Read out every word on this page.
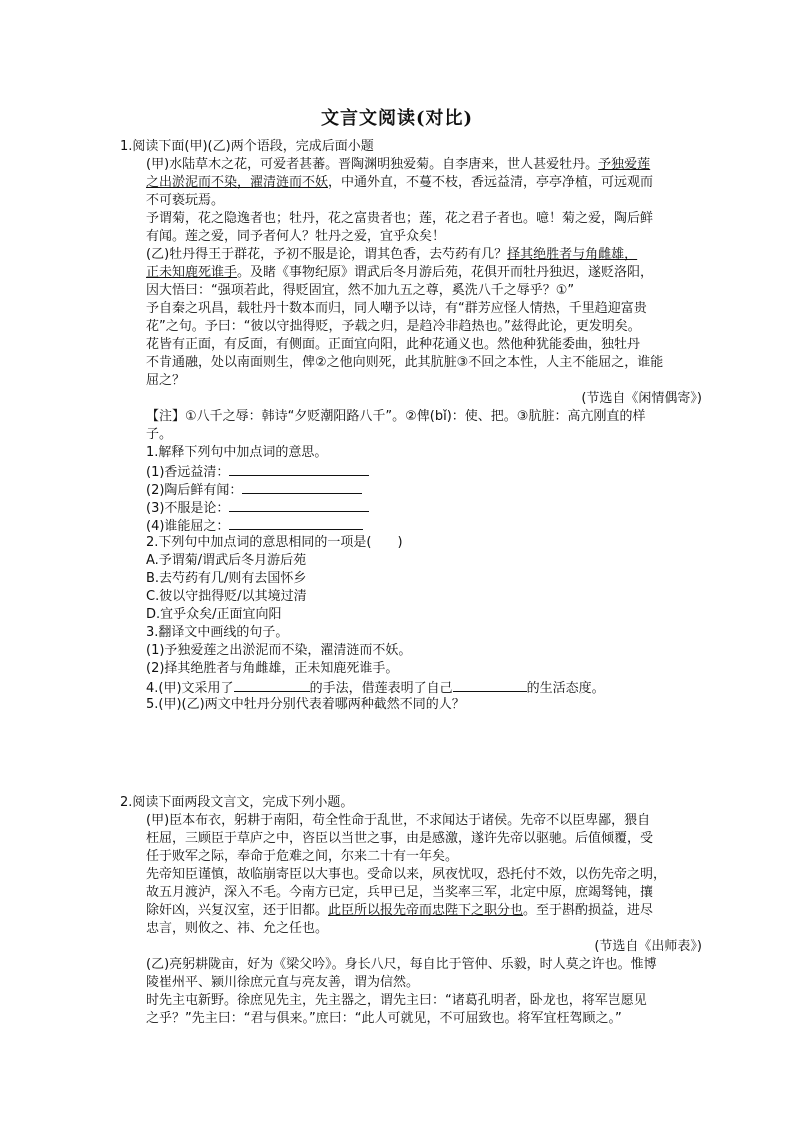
文言文阅读(对比)
1.阅读下面(甲)(乙)两个语段，完成后面小题
(甲)水陆草木之花，可爱者甚蕃。晋陶渊明独爱菊。自李唐来，世人甚爱牡丹。予独爱莲
之出淤泥而不染，濯清涟而不妖，中通外直，不蔓不枝，香远益清，亭亭净植，可远观而
不可亵玩焉。
予谓菊，花之隐逸者也；牡丹，花之富贵者也；莲，花之君子者也。噫！菊之爱，陶后鲜
有闻。莲之爱，同予者何人？牡丹之爱，宜乎众矣！
(乙)牡丹得王于群花，予初不服是论，谓其色香，去芍药有几？择其绝胜者与角雌雄，
正未知鹿死谁手。及睹《事物纪原》谓武后冬月游后苑，花俱开而牡丹独迟，遂贬洛阳，
因大悟曰：“强项若此，得贬固宜，然不加九五之尊，奚洗八千之辱乎？①”
予自秦之巩昌，载牡丹十数本而归，同人嘲予以诗，有“群芳应怪人情热，千里趋迎富贵
花”之句。予曰：“彼以守拙得贬，予载之归，是趋冷非趋热也。”兹得此论，更发明矣。
花皆有正面，有反面，有侧面。正面宜向阳，此种花通义也。然他种犹能委曲，独牡丹
不肯通融，处以南面则生，俾②之他向则死，此其肮脏③不回之本性，人主不能屈之，谁能
屈之？
(节选自《闲情偶寄》)
【注】①八千之辱：韩诗“夕贬潮阳路八千”。②俾(bǐ)：使、把。③肮脏：高亢刚直的样
子。
1.解释下列句中加点词的意思。
(1)香远益清：
(2)陶后鲜有闻：
(3)不服是论：
(4)谁能屈之：
2.下列句中加点词的意思相同的一项是(　　)
A.予谓菊/谓武后冬月游后苑
B.去芍药有几/则有去国怀乡
C.彼以守拙得贬/以其境过清
D.宜乎众矣/正面宜向阳
3.翻译文中画线的句子。
(1)予独爱莲之出淤泥而不染，濯清涟而不妖。
(2)择其绝胜者与角雌雄，正未知鹿死谁手。
4.(甲)文采用了	的手法，借莲表明了自己	的生活态度。
5.(甲)(乙)两文中牡丹分别代表着哪两种截然不同的人？
2.阅读下面两段文言文，完成下列小题。
(甲)臣本布衣，躬耕于南阳，苟全性命于乱世，不求闻达于诸侯。先帝不以臣卑鄙，猥自
枉屈，三顾臣于草庐之中，咨臣以当世之事，由是感激，遂许先帝以驱驰。后值倾覆，受
任于败军之际，奉命于危难之间，尔来二十有一年矣。
先帝知臣谨慎，故临崩寄臣以大事也。受命以来，夙夜忧叹，恐托付不效，以伤先帝之明，
故五月渡泸，深入不毛。今南方已定，兵甲已足，当奖率三军，北定中原，庶竭驽钝，攘
除奸凶，兴复汉室，还于旧都。此臣所以报先帝而忠陛下之职分也。至于斟酌损益，进尽
忠言，则攸之、祎、允之任也。
(节选自《出师表》)
(乙)亮躬耕陇亩，好为《梁父吟》。身长八尺，每自比于管仲、乐毅，时人莫之许也。惟博
陵崔州平、颍川徐庶元直与亮友善，谓为信然。
时先主屯新野。徐庶见先主，先主器之，谓先主曰：“诸葛孔明者，卧龙也，将军岂愿见
之乎？”先主曰：“君与俱来。”庶曰：“此人可就见，不可屈致也。将军宜枉驾顾之。”
